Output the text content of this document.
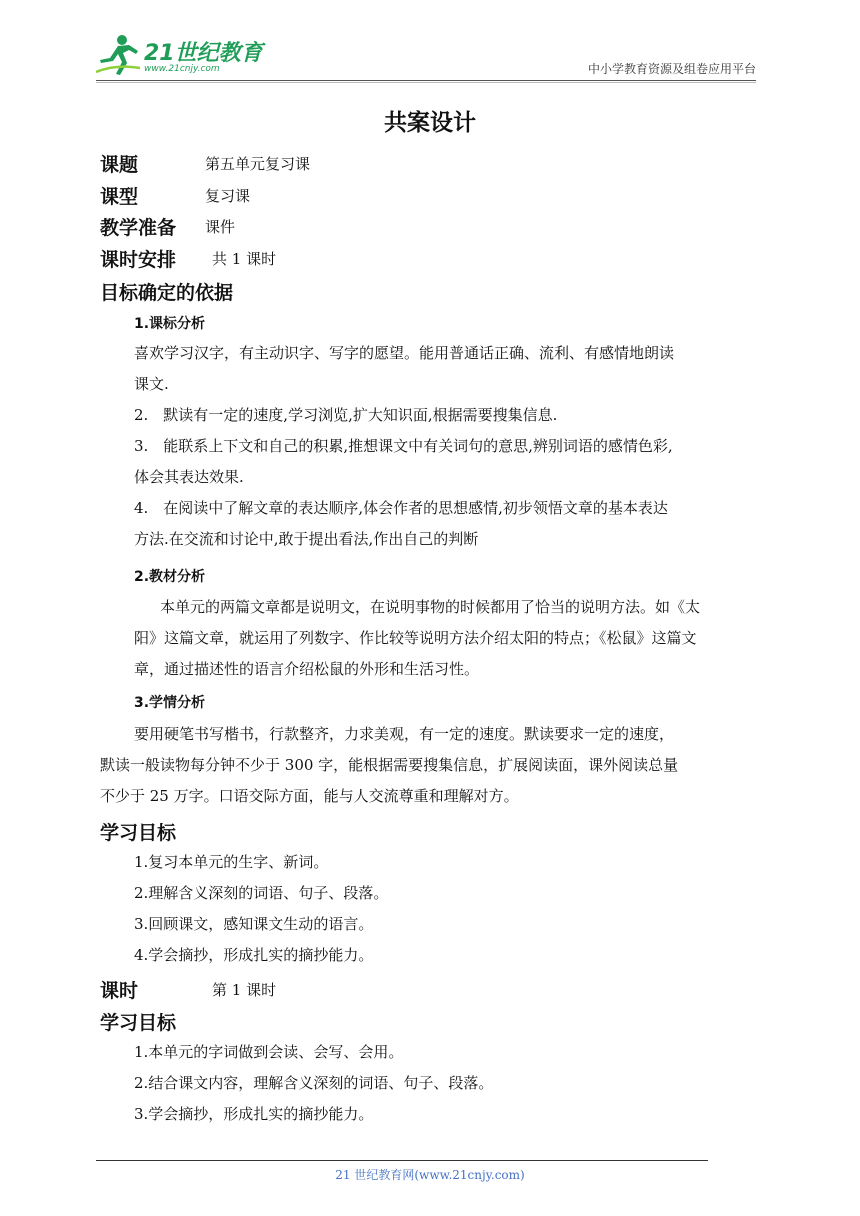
21世纪教育
www.21cnjy.com	中小学教育资源及组卷应用平台
共案设计
课题	第五单元复习课
课型	复习课
教学准备 课件
课时安排 共 1 课时
目标确定的依据
1.课标分析
喜欢学习汉字，有主动识字、写字的愿望。能用普通话正确、流利、有感情地朗读
课文.
2.　默读有一定的速度,学习浏览,扩大知识面,根据需要搜集信息.
3.　能联系上下文和自己的积累,推想课文中有关词句的意思,辨别词语的感情色彩,
体会其表达效果.
4.　在阅读中了解文章的表达顺序,体会作者的思想感情,初步领悟文章的基本表达
方法.在交流和讨论中,敢于提出看法,作出自己的判断
2.教材分析
本单元的两篇文章都是说明文，在说明事物的时候都用了恰当的说明方法。如《太
阳》这篇文章，就运用了列数字、作比较等说明方法介绍太阳的特点；《松鼠》这篇文
章，通过描述性的语言介绍松鼠的外形和生活习性。
3.学情分析
要用硬笔书写楷书，行款整齐，力求美观，有一定的速度。默读要求一定的速度，
默读一般读物每分钟不少于 300 字，能根据需要搜集信息，扩展阅读面，课外阅读总量
不少于 25 万字。口语交际方面，能与人交流尊重和理解对方。
学习目标
1.复习本单元的生字、新词。
2.理解含义深刻的词语、句子、段落。
3.回顾课文，感知课文生动的语言。
4.学会摘抄，形成扎实的摘抄能力。
课时	第 1 课时
学习目标
1.本单元的字词做到会读、会写、会用。
2.结合课文内容，理解含义深刻的词语、句子、段落。
3.学会摘抄，形成扎实的摘抄能力。
21 世纪教育网(www.21cnjy.com)
